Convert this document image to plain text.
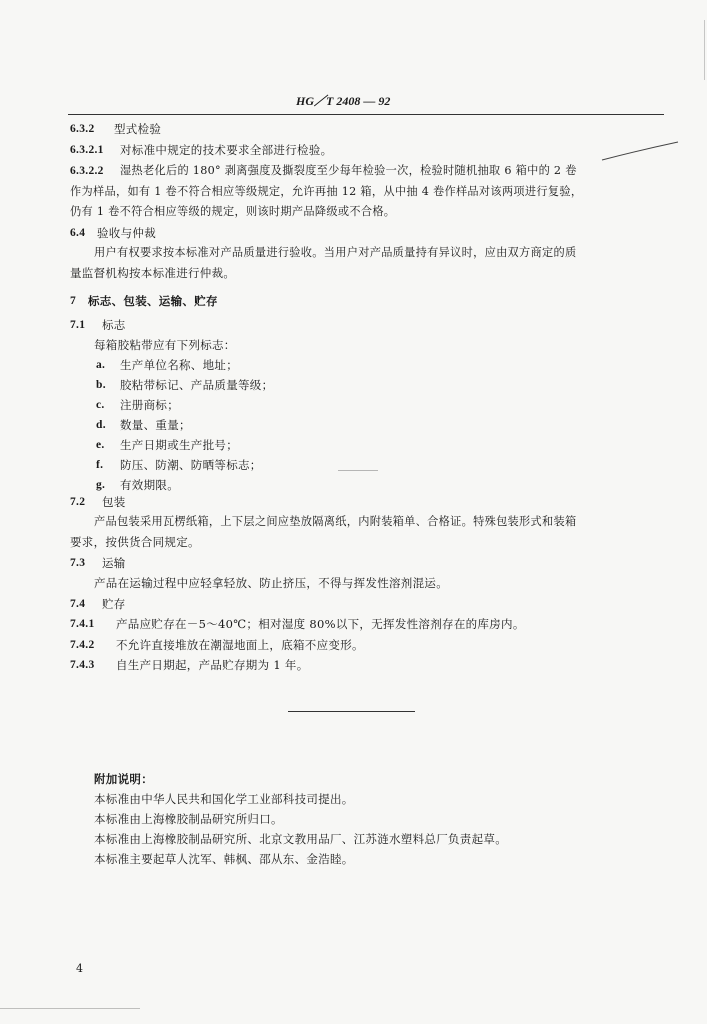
HG／T 2408 — 92
6.3.2 型式检验
6.3.2.1 对标准中规定的技术要求全部进行检验。
6.3.2.2 湿热老化后的 180° 剥离强度及撕裂度至少每年检验一次，检验时随机抽取 6 箱中的 2 卷
作为样品，如有 1 卷不符合相应等级规定，允许再抽 12 箱，从中抽 4 卷作样品对该两项进行复验，
仍有 1 卷不符合相应等级的规定，则该时期产品降级或不合格。
6.4 验收与仲裁
用户有权要求按本标准对产品质量进行验收。当用户对产品质量持有异议时，应由双方商定的质
量监督机构按本标准进行仲裁。
7 标志、包装、运输、贮存
7.1 标志
每箱胶粘带应有下列标志：
a. 生产单位名称、地址；
b. 胶粘带标记、产品质量等级；
c. 注册商标；
d. 数量、重量；
e. 生产日期或生产批号；
f. 防压、防潮、防晒等标志；
g. 有效期限。
7.2 包装
产品包装采用瓦楞纸箱，上下层之间应垫放隔离纸，内附装箱单、合格证。特殊包装形式和装箱
要求，按供货合同规定。
7.3 运输
产品在运输过程中应轻拿轻放、防止挤压，不得与挥发性溶剂混运。
7.4 贮存
7.4.1 产品应贮存在－5～40℃；相对湿度 80%以下，无挥发性溶剂存在的库房内。
7.4.2 不允许直接堆放在潮湿地面上，底箱不应变形。
7.4.3 自生产日期起，产品贮存期为 1 年。
附加说明：
本标准由中华人民共和国化学工业部科技司提出。
本标准由上海橡胶制品研究所归口。
本标准由上海橡胶制品研究所、北京文教用品厂、江苏涟水塑料总厂负责起草。
本标准主要起草人沈军、韩枫、邵从东、金浩睦。
4
